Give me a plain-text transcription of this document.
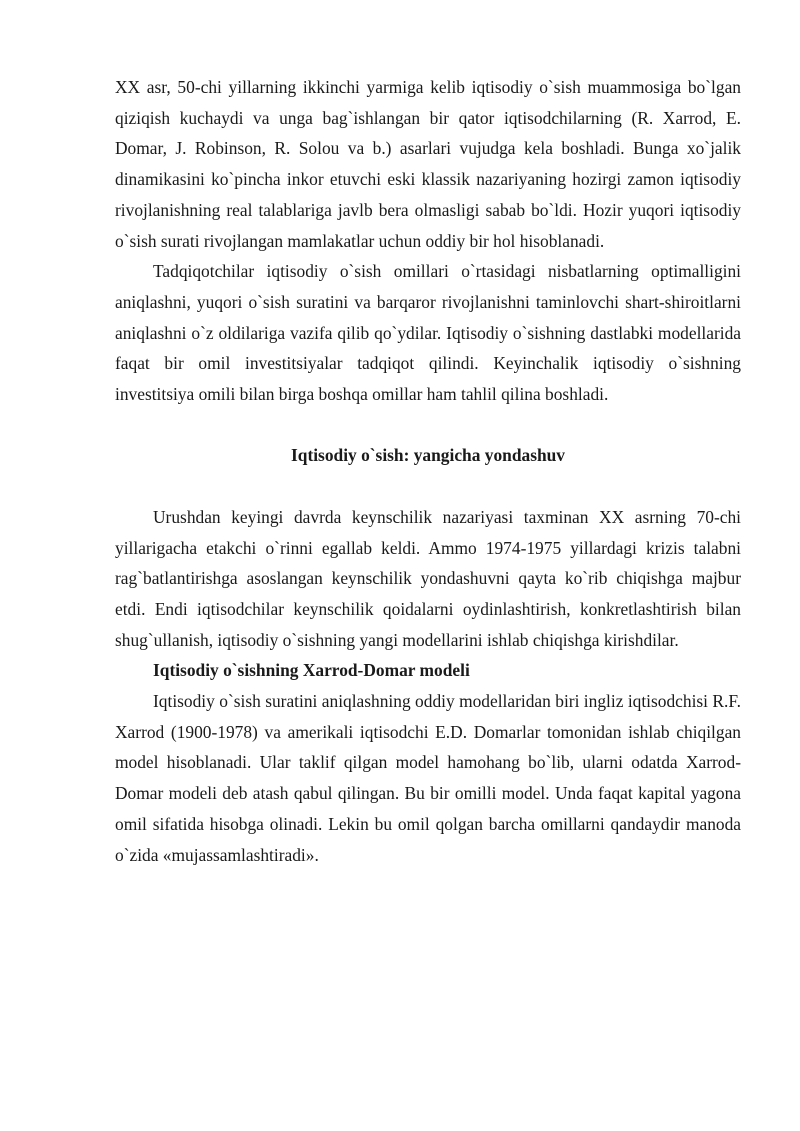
XX asr, 50-chi yillarning ikkinchi yarmiga kelib iqtisodiy o`sish muammosiga bo`lgan qiziqish kuchaydi va unga bag`ishlangan bir qator iqtisodchilarning (R. Xarrod, E. Domar, J. Robinson, R. Solou va b.) asarlari vujudga kela boshladi. Bunga xo`jalik dinamikasini ko`pincha inkor etuvchi eski klassik nazariyaning hozirgi zamon iqtisodiy rivojlanishning real talablariga javlb bera olmasligi sabab bo`ldi. Hozir yuqori iqtisodiy o`sish surati rivojlangan mamlakatlar uchun oddiy bir hol hisoblanadi.

Tadqiqotchilar iqtisodiy o`sish omillari o`rtasidagi nisbatlarning optimalligini aniqlashni, yuqori o`sish suratini va barqaror rivojlanishni taminlovchi shart-shiroitlarni aniqlashni o`z oldilariga vazifa qilib qo`ydilar. Iqtisodiy o`sishning dastlabki modellarida faqat bir omil investitsiyalar tadqiqot qilindi. Keyinchalik iqtisodiy o`sishning investitsiya omili bilan birga boshqa omillar ham tahlil qilina boshladi.

Iqtisodiy o`sish: yangicha yondashuv

Urushdan keyingi davrda keynschilik nazariyasi taxminan XX asrning 70-chi yillarigacha etakchi o`rinni egallab keldi. Ammo 1974-1975 yillardagi krizis talabni rag`batlantirishga asoslangan keynschilik yondashuvni qayta ko`rib chiqishga majbur etdi. Endi iqtisodchilar keynschilik qoidalarni oydinlashtirish, konkretlashtirish bilan shug`ullanish, iqtisodiy o`sishning yangi modellarini ishlab chiqishga kirishdilar.

Iqtisodiy o`sishning Xarrod-Domar modeli

Iqtisodiy o`sish suratini aniqlashning oddiy modellaridan biri ingliz iqtisodchisi R.F. Xarrod (1900-1978) va amerikali iqtisodchi E.D. Domarlar tomonidan ishlab chiqilgan model hisoblanadi. Ular taklif qilgan model hamohang bo`lib, ularni odatda Xarrod-Domar modeli deb atash qabul qilingan. Bu bir omilli model. Unda faqat kapital yagona omil sifatida hisobga olinadi. Lekin bu omil qolgan barcha omillarni qandaydir manoda o`zida «mujassamlashtiradi».
